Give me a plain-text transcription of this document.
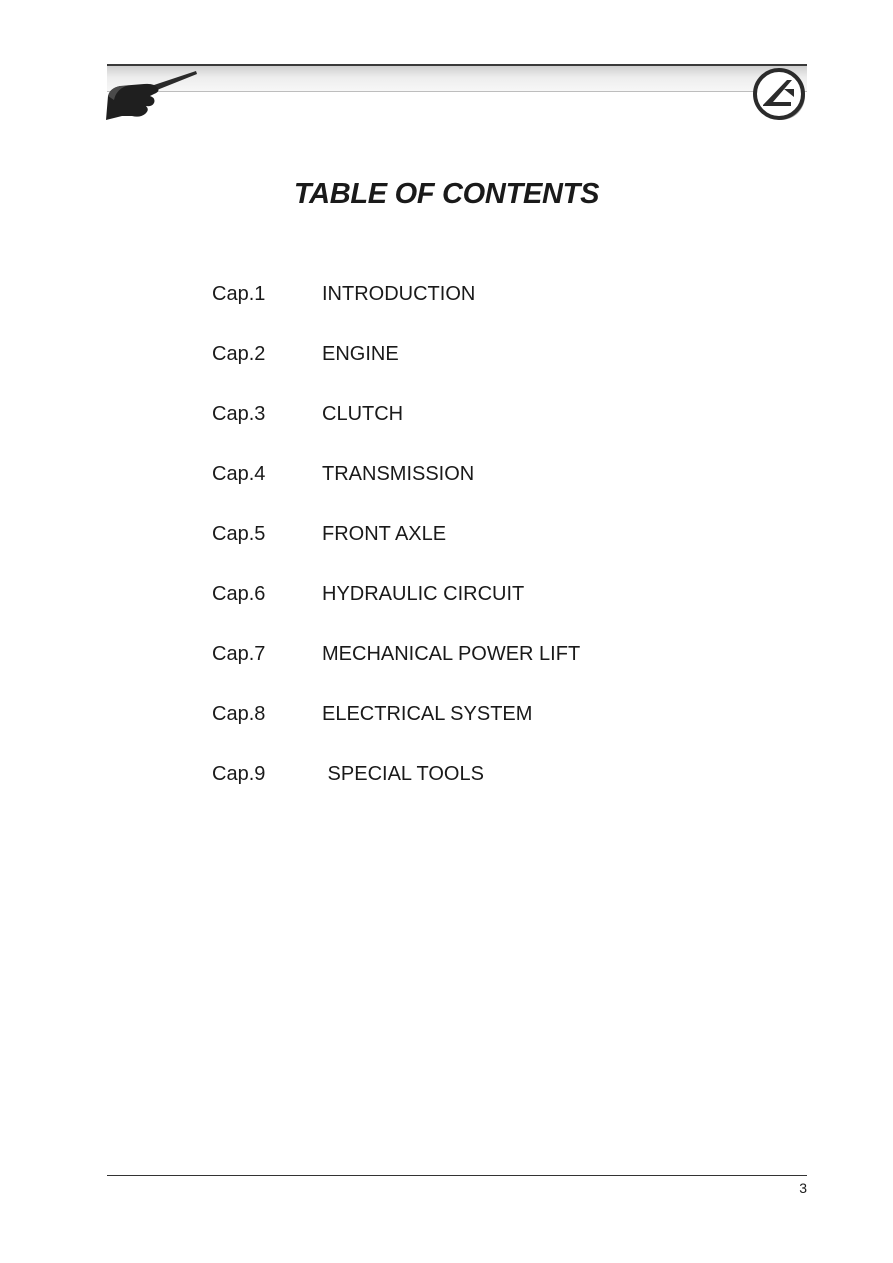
TABLE OF CONTENTS
Cap.1	INTRODUCTION
Cap.2	ENGINE
Cap.3	CLUTCH
Cap.4	TRANSMISSION
Cap.5	FRONT AXLE
Cap.6	HYDRAULIC CIRCUIT
Cap.7	MECHANICAL POWER LIFT
Cap.8	ELECTRICAL SYSTEM
Cap.9	SPECIAL TOOLS
3
